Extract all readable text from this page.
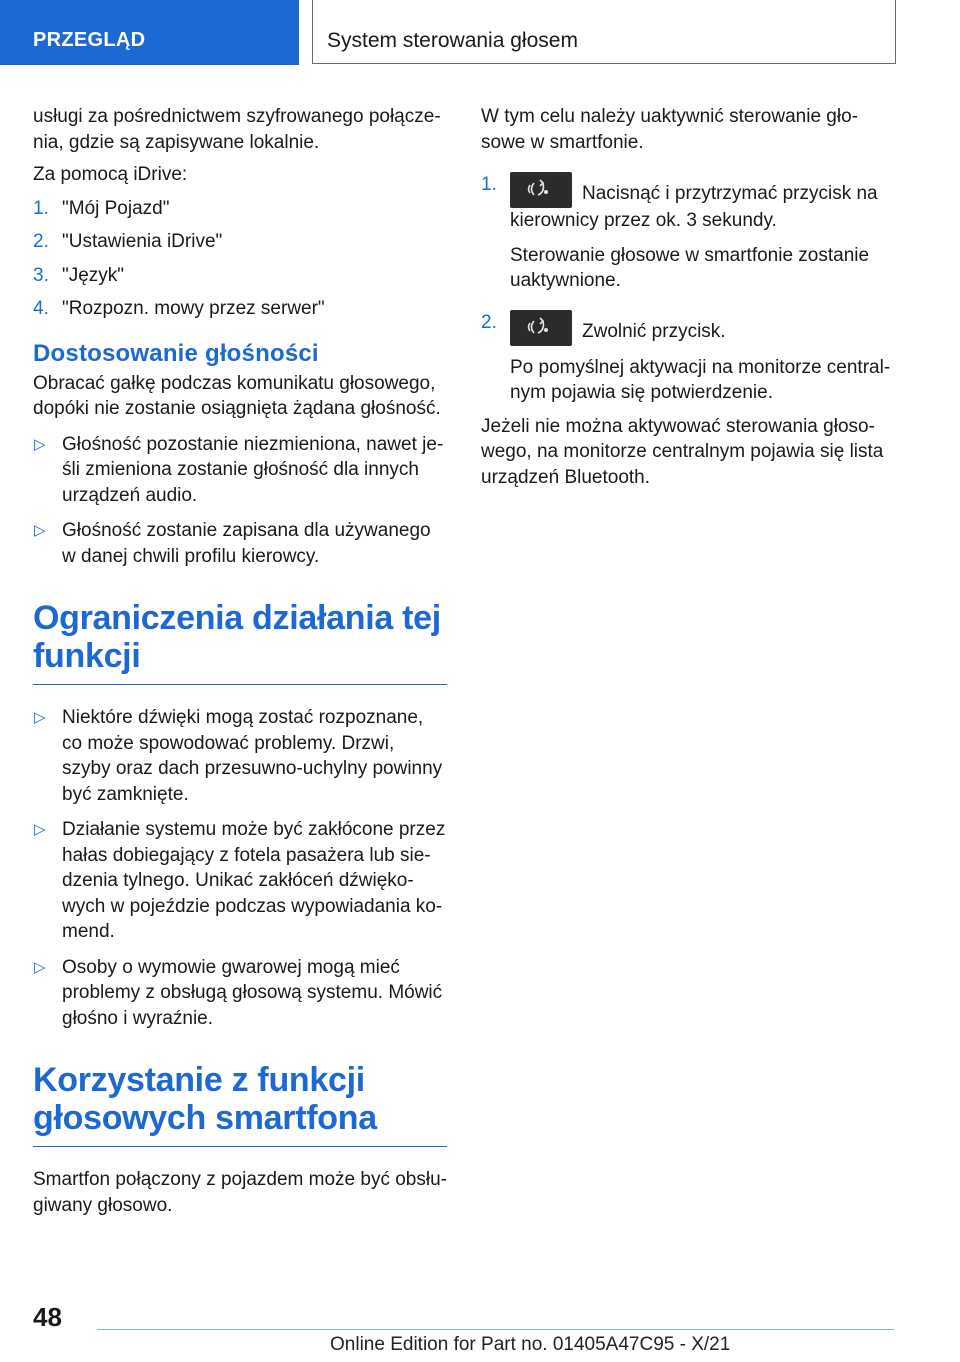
PRZEGLĄD	System sterowania głosem

usługi za pośrednictwem szyfrowanego połącze-nia, gdzie są zapisywane lokalnie.

Za pomocą iDrive:

1. "Mój Pojazd"
2. "Ustawienia iDrive"
3. "Język"
4. "Rozpozn. mowy przez serwer"
Dostosowanie głośności

Obracać gałkę podczas komunikatu głosowego, dopóki nie zostanie osiągnięta żądana głośność.

▷ Głośność pozostanie niezmieniona, nawet je-śli zmieniona zostanie głośność dla innych urządzeń audio.
▷ Głośność zostanie zapisana dla używanego w danej chwili profilu kierowcy.
Ograniczenia działania tej funkcji
▷ Niektóre dźwięki mogą zostać rozpoznane, co może spowodować problemy. Drzwi, szyby oraz dach przesuwno-uchylny powinny być zamknięte.
▷ Działanie systemu może być zakłócone przez hałas dobiegający z fotela pasażera lub sie-dzenia tylnego. Unikać zakłóceń dźwięko-wych w pojeździe podczas wypowiadania ko-mend.
▷ Osoby o wymowie gwarowej mogą mieć problemy z obsługą głosową systemu. Mówić głośno i wyraźnie.
Korzystanie z funkcji głosowych smartfona

Smartfon połączony z pojazdem może być obsłu-giwany głosowo.

W tym celu należy uaktywnić sterowanie gło-sowe w smartfonie.

1.	Nacisnąć i przytrzymać przycisk na kierownicy przez ok. 3 sekundy.

Sterowanie głosowe w smartfonie zostanie uaktywnione.

2.	Zwolnić przycisk.

Po pomyślnej aktywacji na monitorze central-nym pojawia się potwierdzenie.

Jeżeli nie można aktywować sterowania głoso-wego, na monitorze centralnym pojawia się lista urządzeń Bluetooth.

48
Online Edition for Part no. 01405A47C95 - X/21
